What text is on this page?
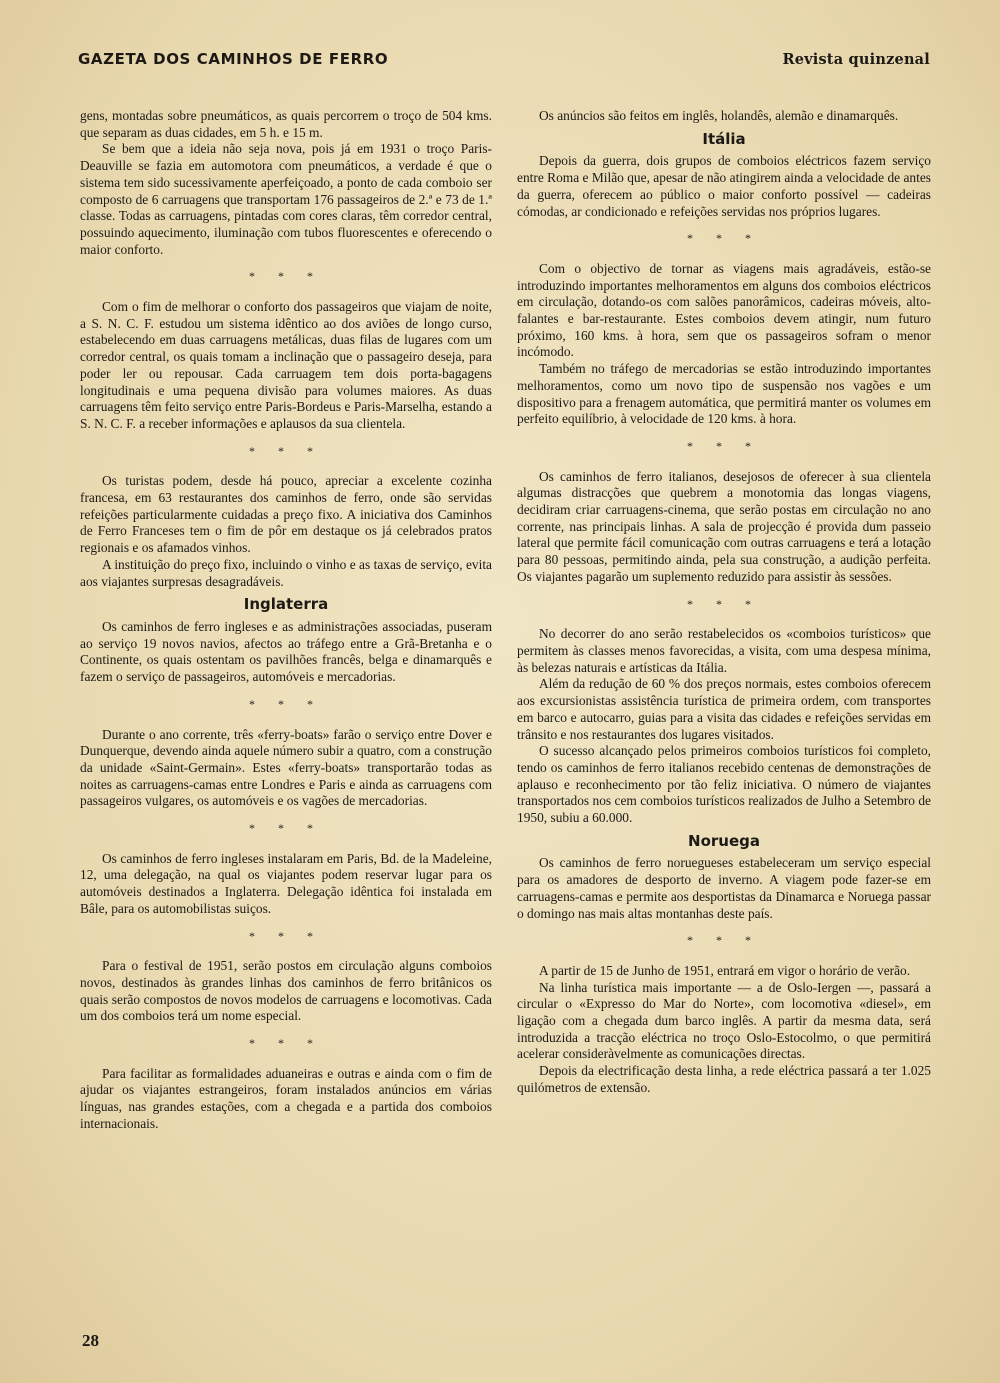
GAZETA DOS CAMINHOS DE FERRO	Revista quinzenal

gens, montadas sobre pneumáticos, as quais percorrem o troço de 504 kms. que separam as duas cidades, em 5 h. e 15 m.

Se bem que a ideia não seja nova, pois já em 1931 o troço Paris-Deauville se fazia em automotora com pneumáticos, a verdade é que o sistema tem sido sucessivamente aperfeiçoado, a ponto de cada comboio ser composto de 6 carruagens que transportam 176 passageiros de 2.ª e 73 de 1.ª classe. Todas as carruagens, pintadas com cores claras, têm corredor central, possuindo aquecimento, iluminação com tubos fluorescentes e oferecendo o maior conforto.

* * *

Com o fim de melhorar o conforto dos passageiros que viajam de noite, a S. N. C. F. estudou um sistema idêntico ao dos aviões de longo curso, estabelecendo em duas carruagens metálicas, duas filas de lugares com um corredor central, os quais tomam a inclinação que o passageiro deseja, para poder ler ou repousar. Cada carruagem tem dois porta-bagagens longitudinais e uma pequena divisão para volumes maiores. As duas carruagens têm feito serviço entre Paris-Bordeus e Paris-Marselha, estando a S. N. C. F. a receber informações e aplausos da sua clientela.

* * *

Os turistas podem, desde há pouco, apreciar a excelente cozinha francesa, em 63 restaurantes dos caminhos de ferro, onde são servidas refeições particularmente cuidadas a preço fixo. A iniciativa dos Caminhos de Ferro Franceses tem o fim de pôr em destaque os já celebrados pratos regionais e os afamados vinhos.

A instituição do preço fixo, incluindo o vinho e as taxas de serviço, evita aos viajantes surpresas desagradáveis.

Inglaterra

Os caminhos de ferro ingleses e as administrações associadas, puseram ao serviço 19 novos navios, afectos ao tráfego entre a Grã-Bretanha e o Continente, os quais ostentam os pavilhões francês, belga e dinamarquês e fazem o serviço de passageiros, automóveis e mercadorias.

* * *

Durante o ano corrente, três «ferry-boats» farão o serviço entre Dover e Dunquerque, devendo ainda aquele número subir a quatro, com a construção da unidade «Saint-Germain». Estes «ferry-boats» transportarão todas as noites as carruagens-camas entre Londres e Paris e ainda as carruagens com passageiros vulgares, os automóveis e os vagões de mercadorias.

* * *

Os caminhos de ferro ingleses instalaram em Paris, Bd. de la Madeleine, 12, uma delegação, na qual os viajantes podem reservar lugar para os automóveis destinados a Inglaterra. Delegação idêntica foi instalada em Bâle, para os automobilistas suiços.

* * *

Para o festival de 1951, serão postos em circulação alguns comboios novos, destinados às grandes linhas dos caminhos de ferro britânicos os quais serão compostos de novos modelos de carruagens e locomotivas. Cada um dos comboios terá um nome especial.

* * *

Para facilitar as formalidades aduaneiras e outras e ainda com o fim de ajudar os viajantes estrangeiros, foram instalados anúncios em várias línguas, nas grandes estações, com a chegada e a partida dos comboios internacionais.

Os anúncios são feitos em inglês, holandês, alemão e dinamarquês.

Itália

Depois da guerra, dois grupos de comboios eléctricos fazem serviço entre Roma e Milão que, apesar de não atingirem ainda a velocidade de antes da guerra, oferecem ao público o maior conforto possível — cadeiras cómodas, ar condicionado e refeições servidas nos próprios lugares.

* * *

Com o objectivo de tornar as viagens mais agradáveis, estão-se introduzindo importantes melhoramentos em alguns dos comboios eléctricos em circulação, dotando-os com salões panorâmicos, cadeiras móveis, alto-falantes e bar-restaurante. Estes comboios devem atingir, num futuro próximo, 160 kms. à hora, sem que os passageiros sofram o menor incómodo.

Também no tráfego de mercadorias se estão introduzindo importantes melhoramentos, como um novo tipo de suspensão nos vagões e um dispositivo para a frenagem automática, que permitirá manter os volumes em perfeito equilíbrio, à velocidade de 120 kms. à hora.

* * *

Os caminhos de ferro italianos, desejosos de oferecer à sua clientela algumas distracções que quebrem a monotomia das longas viagens, decidiram criar carruagens-cinema, que serão postas em circulação no ano corrente, nas principais linhas. A sala de projecção é provida dum passeio lateral que permite fácil comunicação com outras carruagens e terá a lotação para 80 pessoas, permitindo ainda, pela sua construção, a audição perfeita. Os viajantes pagarão um suplemento reduzido para assistir às sessões.

* * *

No decorrer do ano serão restabelecidos os «comboios turísticos» que permitem às classes menos favorecidas, a visita, com uma despesa mínima, às belezas naturais e artísticas da Itália.

Além da redução de 60 % dos preços normais, estes comboios oferecem aos excursionistas assistência turística de primeira ordem, com transportes em barco e autocarro, guias para a visita das cidades e refeições servidas em trânsito e nos restaurantes dos lugares visitados.

O sucesso alcançado pelos primeiros comboios turísticos foi completo, tendo os caminhos de ferro italianos recebido centenas de demonstrações de aplauso e reconhecimento por tão feliz iniciativa. O número de viajantes transportados nos cem comboios turísticos realizados de Julho a Setembro de 1950, subiu a 60.000.

Noruega

Os caminhos de ferro noruegueses estabeleceram um serviço especial para os amadores de desporto de inverno. A viagem pode fazer-se em carruagens-camas e permite aos desportistas da Dinamarca e Noruega passar o domingo nas mais altas montanhas deste país.

* * *

A partir de 15 de Junho de 1951, entrará em vigor o horário de verão.

Na linha turística mais importante — a de Oslo-Iergen —, passará a circular o «Expresso do Mar do Norte», com locomotiva «diesel», em ligação com a chegada dum barco inglês. A partir da mesma data, será introduzida a tracção eléctrica no troço Oslo-Estocolmo, o que permitirá acelerar consideràvelmente as comunicações directas.

Depois da electrificação desta linha, a rede eléctrica passará a ter 1.025 quilómetros de extensão.

28
